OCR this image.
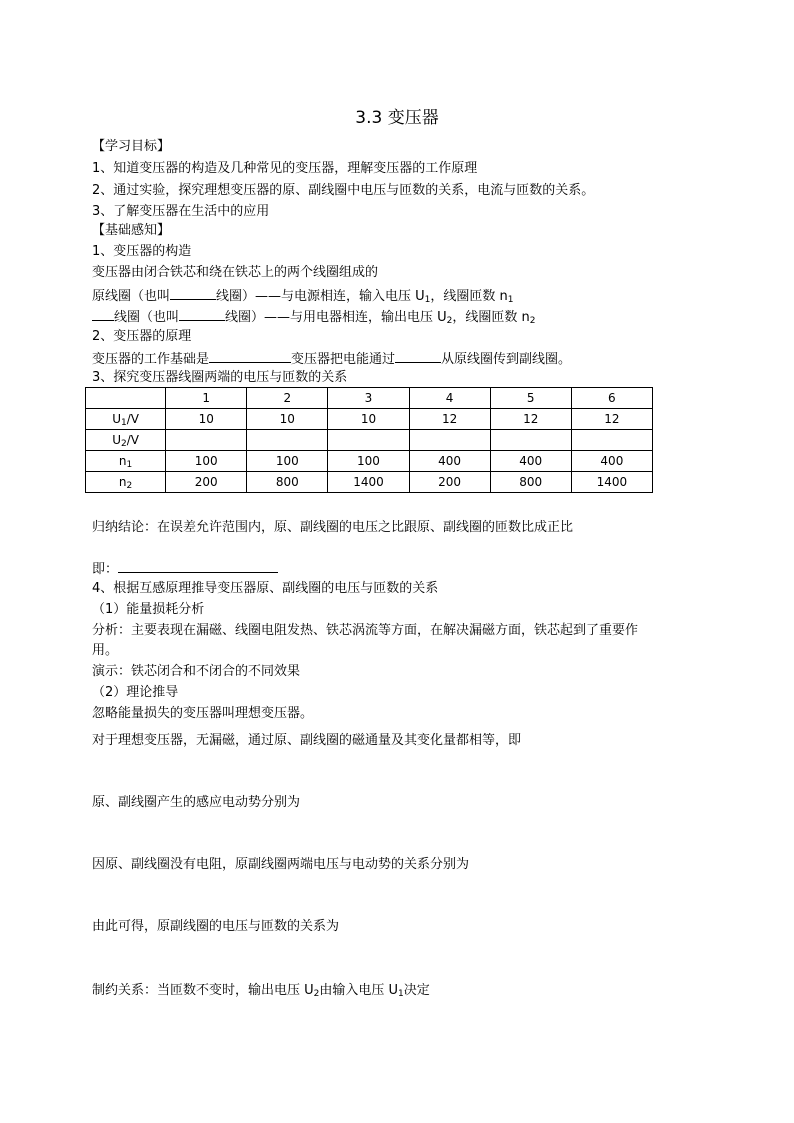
3.3 变压器
【学习目标】
1、知道变压器的构造及几种常见的变压器，理解变压器的工作原理
2、通过实验，探究理想变压器的原、副线圈中电压与匝数的关系，电流与匝数的关系。
3、了解变压器在生活中的应用
【基础感知】
1、变压器的构造
变压器由闭合铁芯和绕在铁芯上的两个线圈组成的
原线圈（也叫	线圈）——与电源相连，输入电压 $U_1$，线圈匝数 $n_1$
线圈（也叫	线圈）——与用电器相连，输出电压 $U_2$，线圈匝数 $n_2$
2、变压器的原理
变压器的工作基础是	变压器把电能通过	从原线圈传到副线圈。
3、探究变压器线圈两端的电压与匝数的关系
	1	2	3	4	5	6
$U_1/V$	10	10	10	12	12	12
$U_2/V$						
$n_1$	100	100	100	400	400	400
$n_2$	200	800	1400	200	800	1400
归纳结论：在误差允许范围内，原、副线圈的电压之比跟原、副线圈的匝数比成正比
即：
4、根据互感原理推导变压器原、副线圈的电压与匝数的关系
（1）能量损耗分析
分析：主要表现在漏磁、线圈电阻发热、铁芯涡流等方面，在解决漏磁方面，铁芯起到了重要作
用。
演示：铁芯闭合和不闭合的不同效果
（2）理论推导
忽略能量损失的变压器叫理想变压器。
对于理想变压器，无漏磁，通过原、副线圈的磁通量及其变化量都相等，即
原、副线圈产生的感应电动势分别为
因原、副线圈没有电阻，原副线圈两端电压与电动势的关系分别为
由此可得，原副线圈的电压与匝数的关系为
制约关系：当匝数不变时，输出电压 $U_2$由输入电压 $U_1$决定
